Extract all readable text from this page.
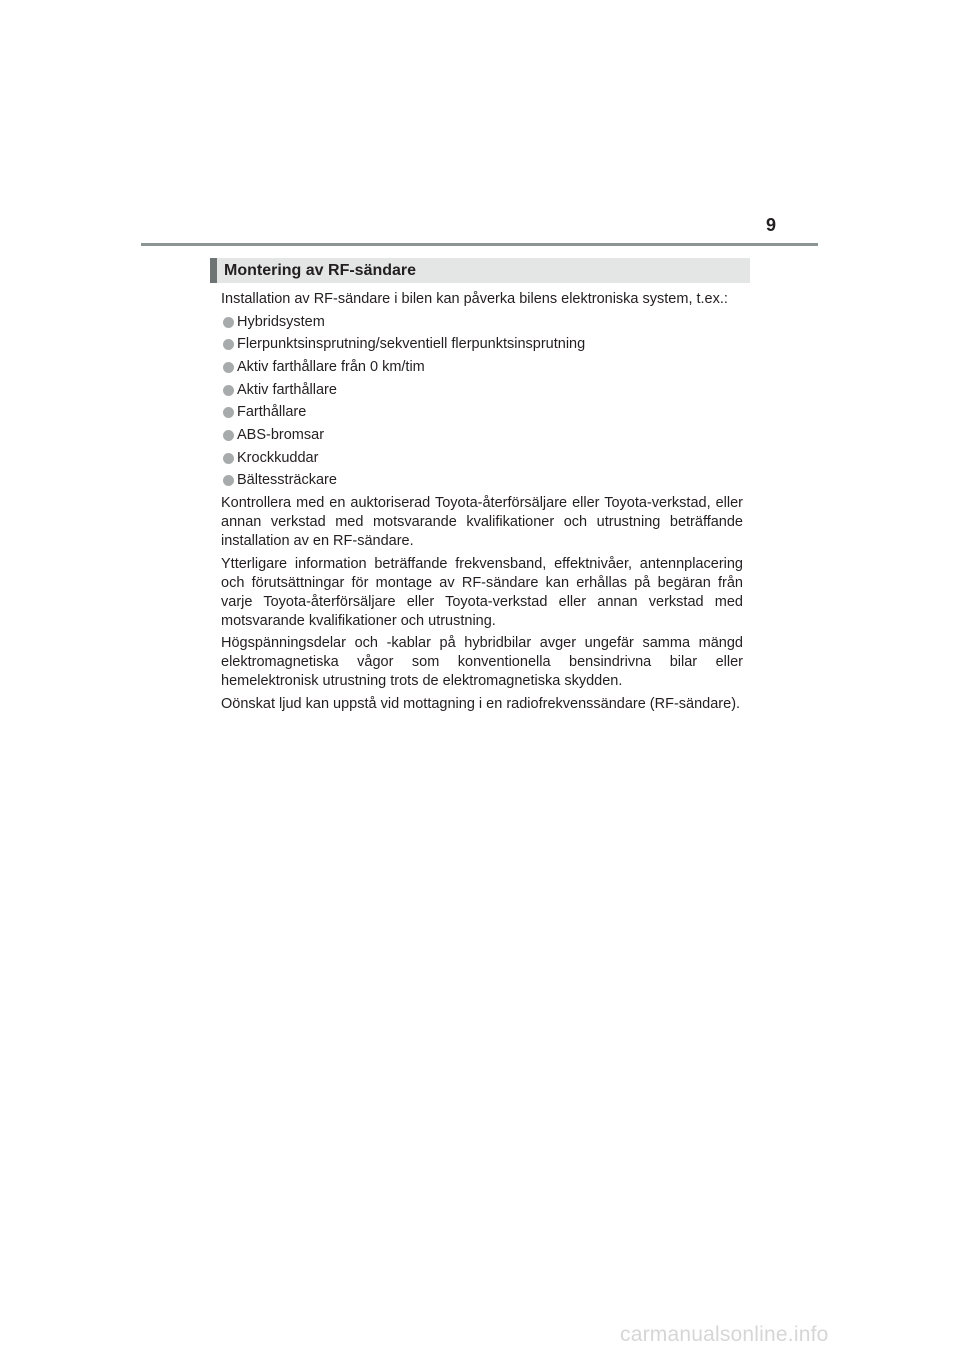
9
Montering av RF-sändare

Installation av RF-sändare i bilen kan påverka bilens elektroniska system, t.ex.:

Hybridsystem
Flerpunktsinsprutning/sekventiell flerpunktsinsprutning
Aktiv farthållare från 0 km/tim
Aktiv farthållare
Farthållare
ABS-bromsar
Krockkuddar
Bältessträckare

Kontrollera med en auktoriserad Toyota-återförsäljare eller Toyota-verkstad, eller annan verkstad med motsvarande kvalifikationer och utrustning beträffande installation av en RF-sändare.

Ytterligare information beträffande frekvensband, effektnivåer, antennplacering och förutsättningar för montage av RF-sändare kan erhållas på begäran från varje Toyota-återförsäljare eller Toyota-verkstad eller annan verkstad med motsvarande kvalifikationer och utrustning.

Högspänningsdelar och -kablar på hybridbilar avger ungefär samma mängd elektromagnetiska vågor som konventionella bensindrivna bilar eller hemelektronisk utrustning trots de elektromagnetiska skydden.

Oönskat ljud kan uppstå vid mottagning i en radiofrekvenssändare (RF-sändare).

carmanualsonline.info
